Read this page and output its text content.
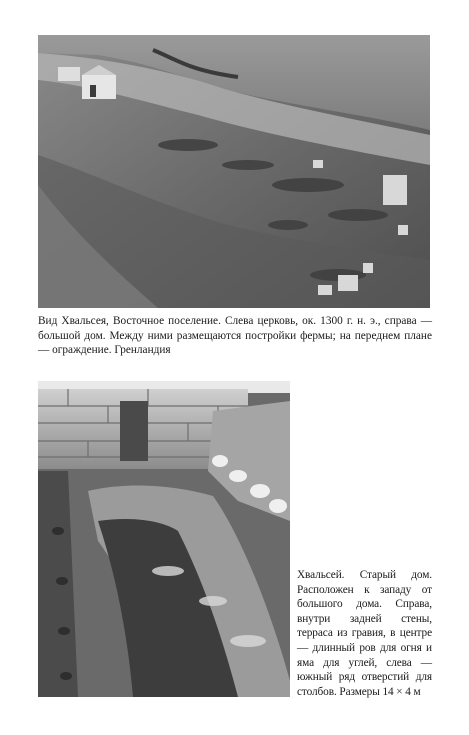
Вид Хвальсея, Восточное поселение. Слева церковь, ок. 1300 г. н. э., справа — большой дом. Между ними размещаются постройки фермы; на переднем плане — ограждение. Гренландия

Хвальсей. Старый дом. Расположен к западу от большого дома. Справа, внутри задней стены, терраса из гравия, в центре — длинный ров для огня и яма для углей, слева — южный ряд отверстий для столбов. Размеры 14 × 4 м
